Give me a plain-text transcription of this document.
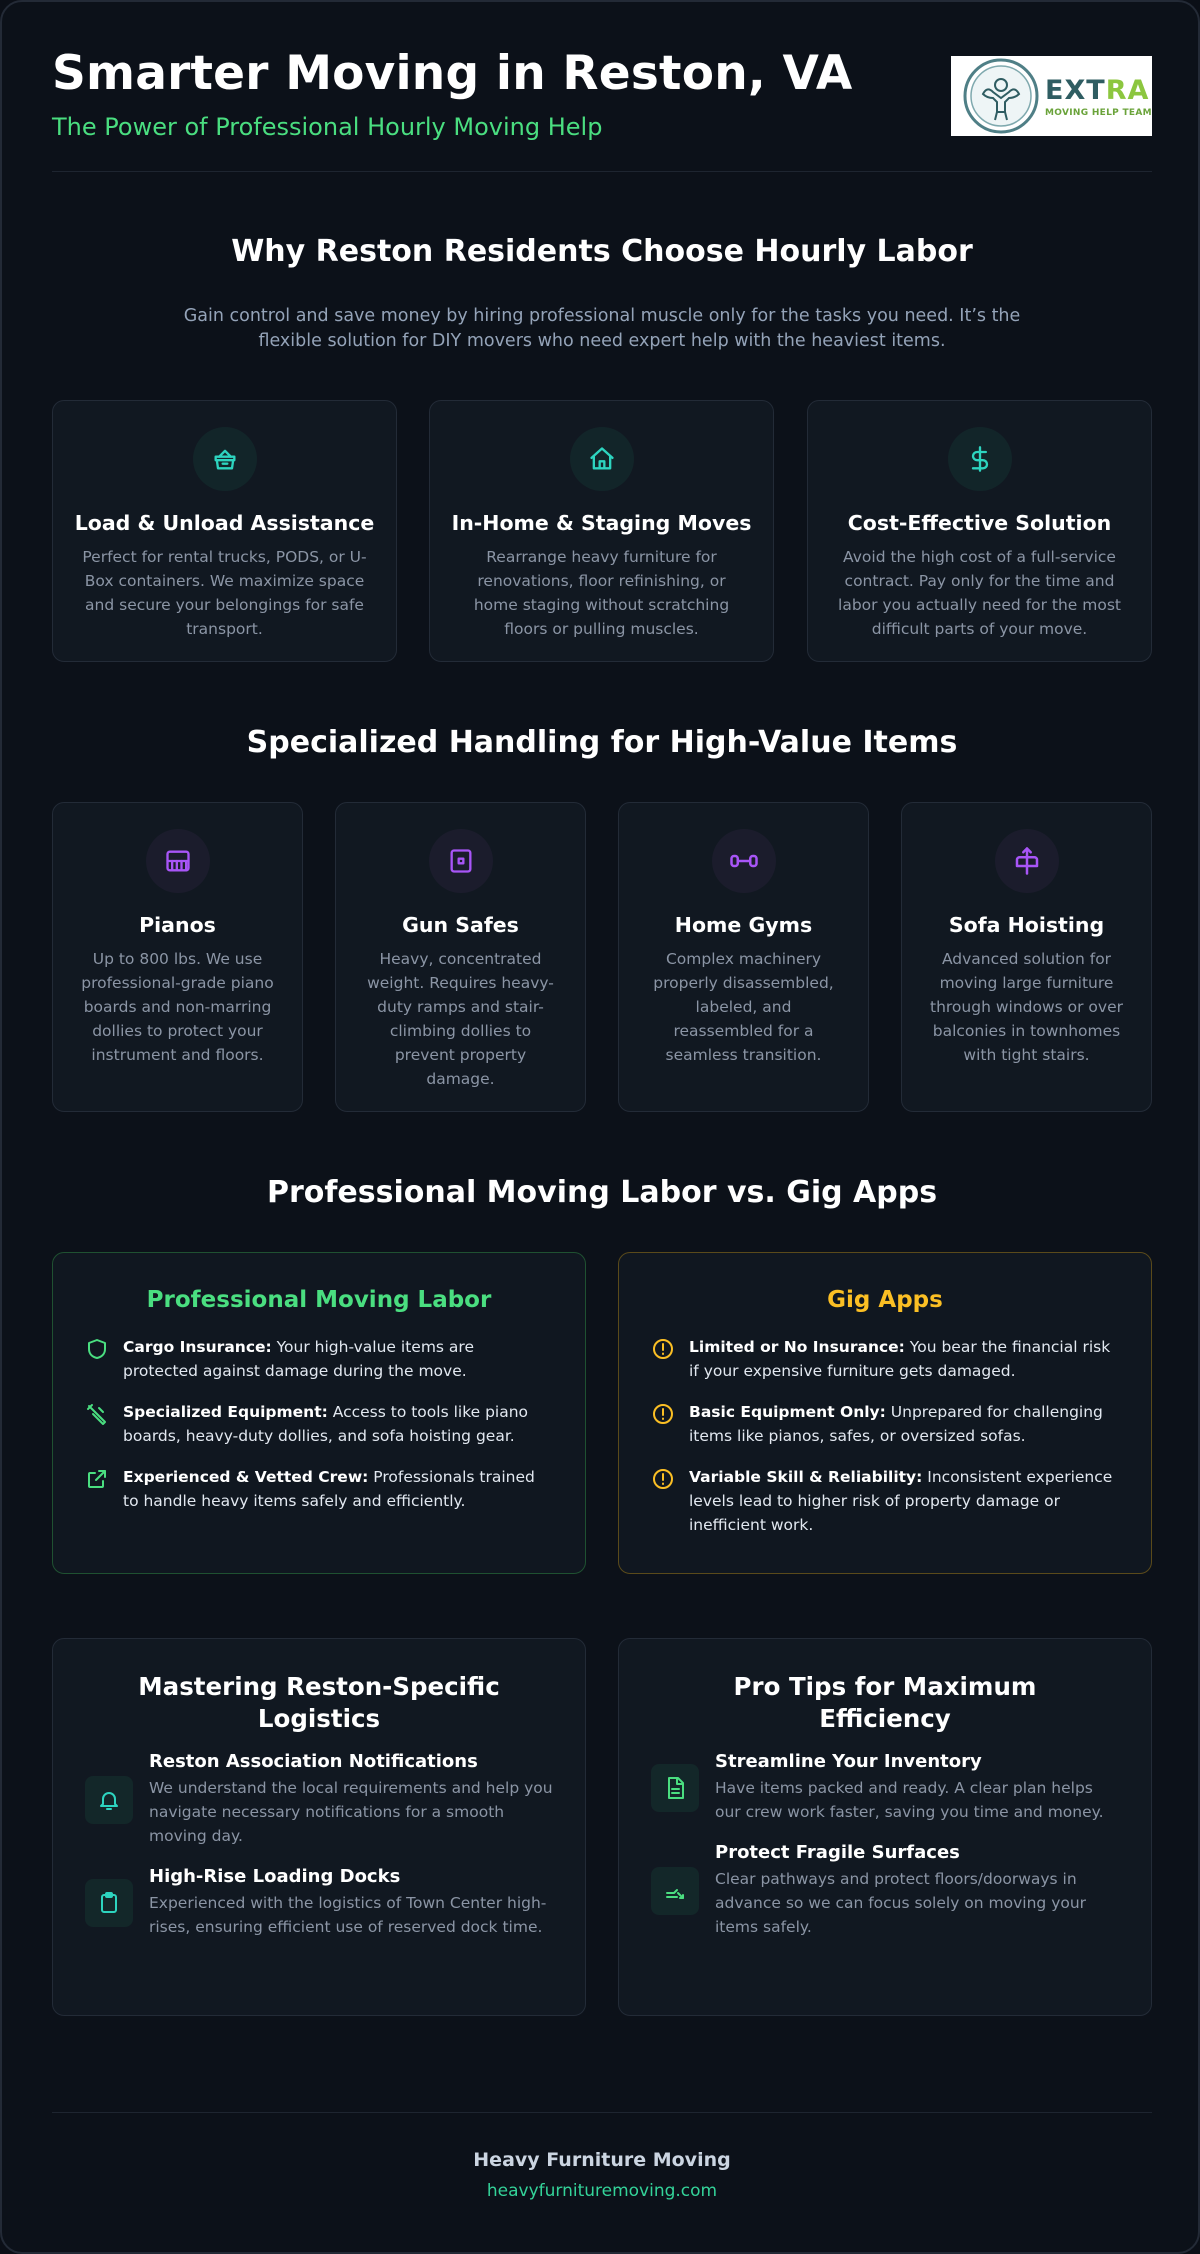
Smarter Moving in Reston, VA
The Power of Professional Hourly Moving Help
EXTRA
MOVING HELP TEAM
Why Reston Residents Choose Hourly Labor
Gain control and save money by hiring professional muscle only for the tasks you need. It’s the flexible solution for DIY movers who need expert help with the heaviest items.
Load & Unload Assistance
Perfect for rental trucks, PODS, or U-Box containers. We maximize space and secure your belongings for safe transport.
In-Home & Staging Moves
Rearrange heavy furniture for renovations, floor refinishing, or home staging without scratching floors or pulling muscles.
Cost-Effective Solution
Avoid the high cost of a full-service contract. Pay only for the time and labor you actually need for the most difficult parts of your move.
Specialized Handling for High-Value Items
Pianos
Up to 800 lbs. We use professional-grade piano boards and non-marring dollies to protect your instrument and floors.
Gun Safes
Heavy, concentrated weight. Requires heavy-duty ramps and stair-climbing dollies to prevent property damage.
Home Gyms
Complex machinery properly disassembled, labeled, and reassembled for a seamless transition.
Sofa Hoisting
Advanced solution for moving large furniture through windows or over balconies in townhomes with tight stairs.
Professional Moving Labor vs. Gig Apps
Professional Moving Labor
Cargo Insurance: Your high-value items are protected against damage during the move.
Specialized Equipment: Access to tools like piano boards, heavy-duty dollies, and sofa hoisting gear.
Experienced & Vetted Crew: Professionals trained to handle heavy items safely and efficiently.
Gig Apps
Limited or No Insurance: You bear the financial risk if your expensive furniture gets damaged.
Basic Equipment Only: Unprepared for challenging items like pianos, safes, or oversized sofas.
Variable Skill & Reliability: Inconsistent experience levels lead to higher risk of property damage or inefficient work.
Mastering Reston-Specific Logistics
Reston Association Notifications
We understand the local requirements and help you navigate necessary notifications for a smooth moving day.
High-Rise Loading Docks
Experienced with the logistics of Town Center high-rises, ensuring efficient use of reserved dock time.
Pro Tips for Maximum Efficiency
Streamline Your Inventory
Have items packed and ready. A clear plan helps our crew work faster, saving you time and money.
Protect Fragile Surfaces
Clear pathways and protect floors/doorways in advance so we can focus solely on moving your items safely.
Heavy Furniture Moving
heavyfurnituremoving.com
